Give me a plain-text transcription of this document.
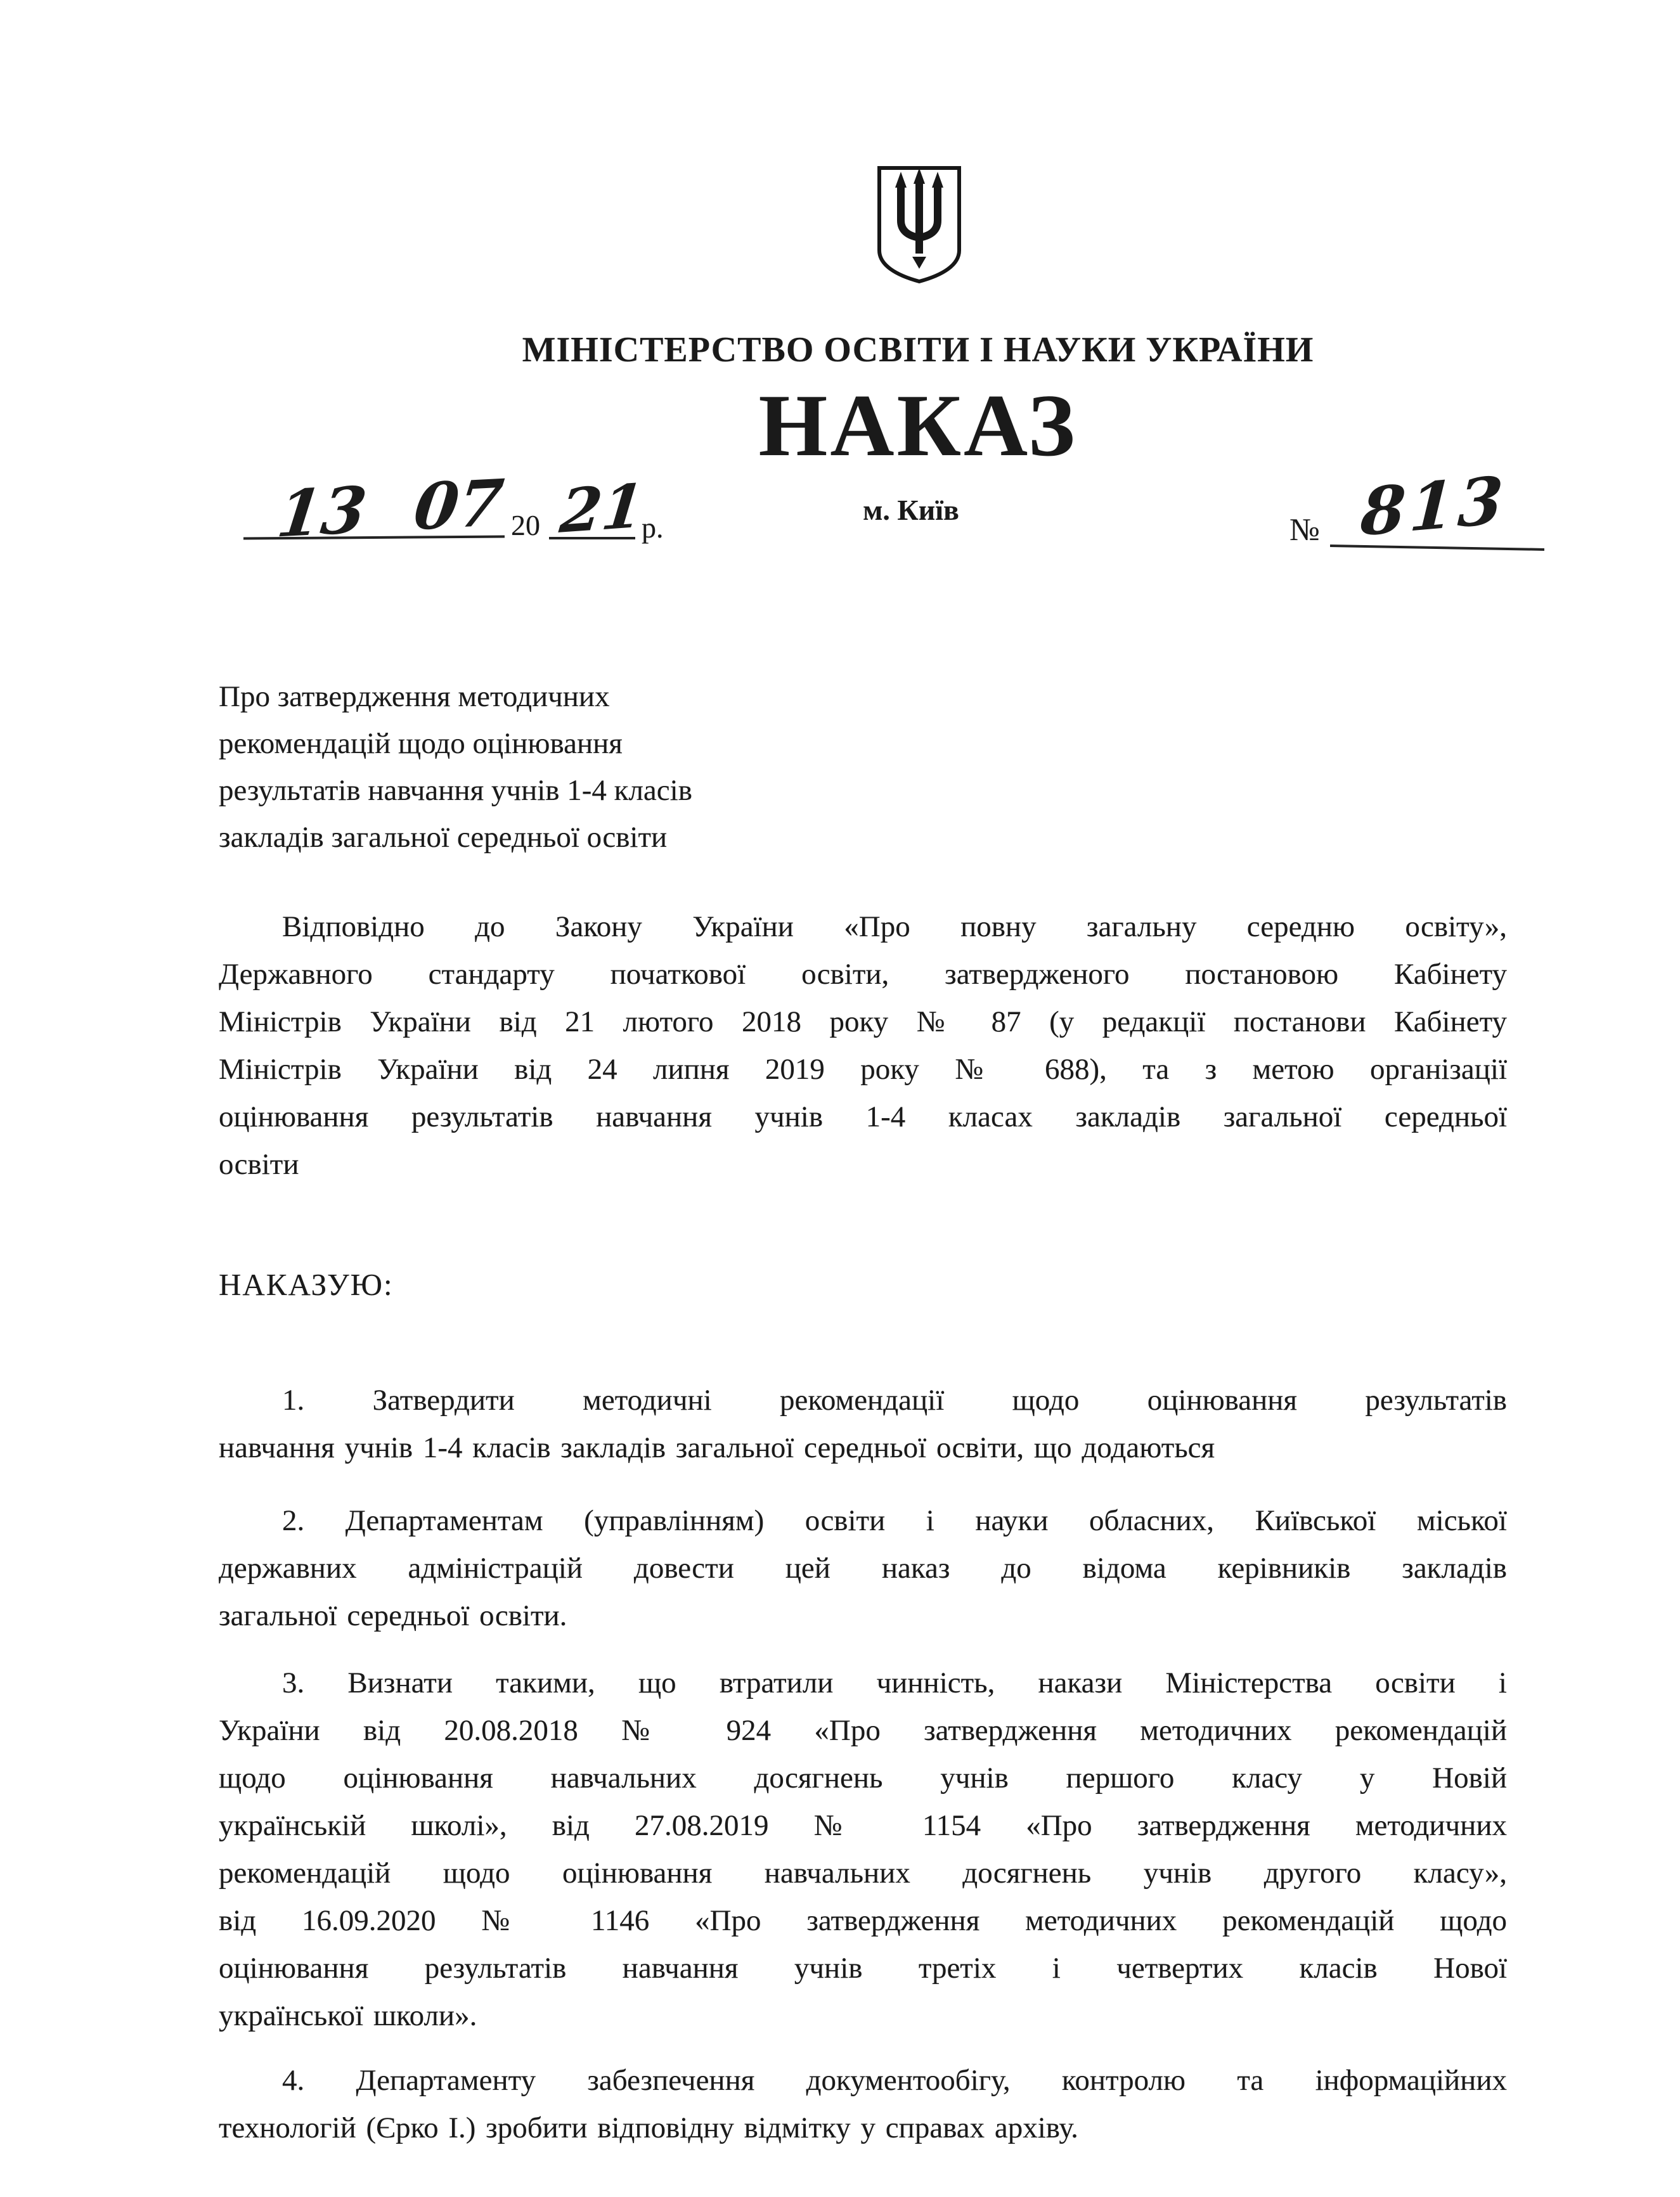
МІНІСТЕРСТВО ОСВІТИ І НАУКИ УКРАЇНИ
НАКАЗ
13 07 20 21
р.
м. Київ
№ 813
Про затвердження методичних
рекомендацій щодо оцінювання
результатів навчання учнів 1-4 класів
закладів загальної середньої освіти
Відповідно до Закону України «Про повну загальну середню освіту»,
Державного стандарту початкової освіти, затвердженого постановою Кабінету
Міністрів України від 21 лютого 2018 року № 87 (у редакції постанови Кабінету
Міністрів України від 24 липня 2019 року № 688), та з метою організації
оцінювання результатів навчання учнів 1-4 класах закладів загальної середньої
освіти
НАКАЗУЮ:
1. Затвердити методичні рекомендації щодо оцінювання результатів
навчання учнів 1-4 класів закладів загальної середньої освіти, що додаються
2. Департаментам (управлінням) освіти і науки обласних, Київської міської
державних адміністрацій довести цей наказ до відома керівників закладів
загальної середньої освіти.
3. Визнати такими, що втратили чинність, накази Міністерства освіти і
України від 20.08.2018 № 924 «Про затвердження методичних рекомендацій
щодо оцінювання навчальних досягнень учнів першого класу у Новій
українській школі», від 27.08.2019 № 1154 «Про затвердження методичних
рекомендацій щодо оцінювання навчальних досягнень учнів другого класу»,
від 16.09.2020 № 1146 «Про затвердження методичних рекомендацій щодо
оцінювання результатів навчання учнів третіх і четвертих класів Нової
української школи».
4. Департаменту забезпечення документообігу, контролю та інформаційних
технологій (Єрко І.) зробити відповідну відмітку у справах архіву.
